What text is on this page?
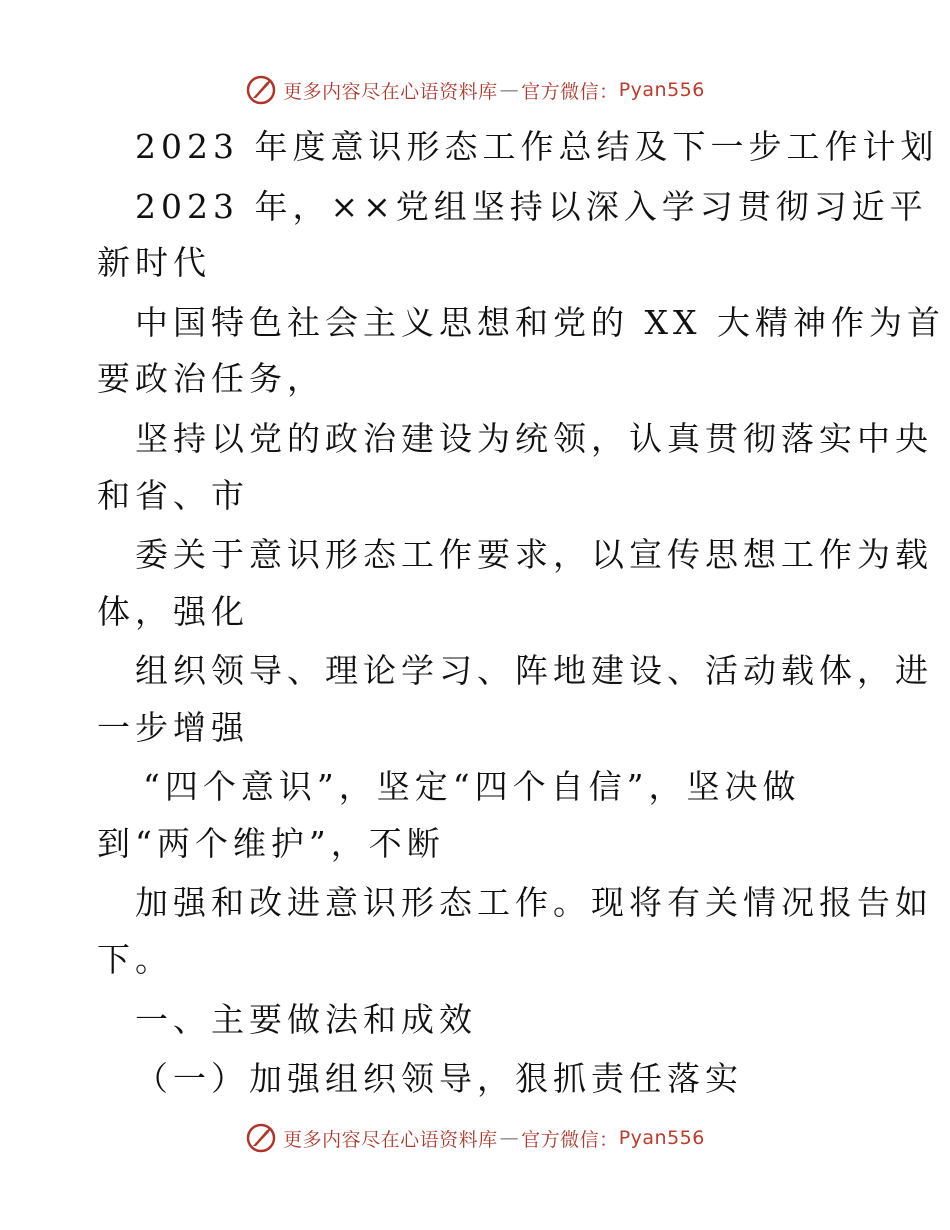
更多内容尽在心语资料库 — 官方微信： Pyan556
2023 年度意识形态工作总结及下一步工作计划
2023 年，××党组坚持以深入学习贯彻习近平
新时代
中国特色社会主义思想和党的 XX 大精神作为首
要政治任务，
坚持以党的政治建设为统领，认真贯彻落实中央
和省、市
委关于意识形态工作要求，以宣传思想工作为载
体，强化
组织领导、理论学习、阵地建设、活动载体，进
一步增强
“四个意识”，坚定“四个自信”，坚决做
到“两个维护”，不断
加强和改进意识形态工作。现将有关情况报告如
下。
一、主要做法和成效
（一）加强组织领导，狠抓责任落实
更多内容尽在心语资料库 — 官方微信： Pyan556
